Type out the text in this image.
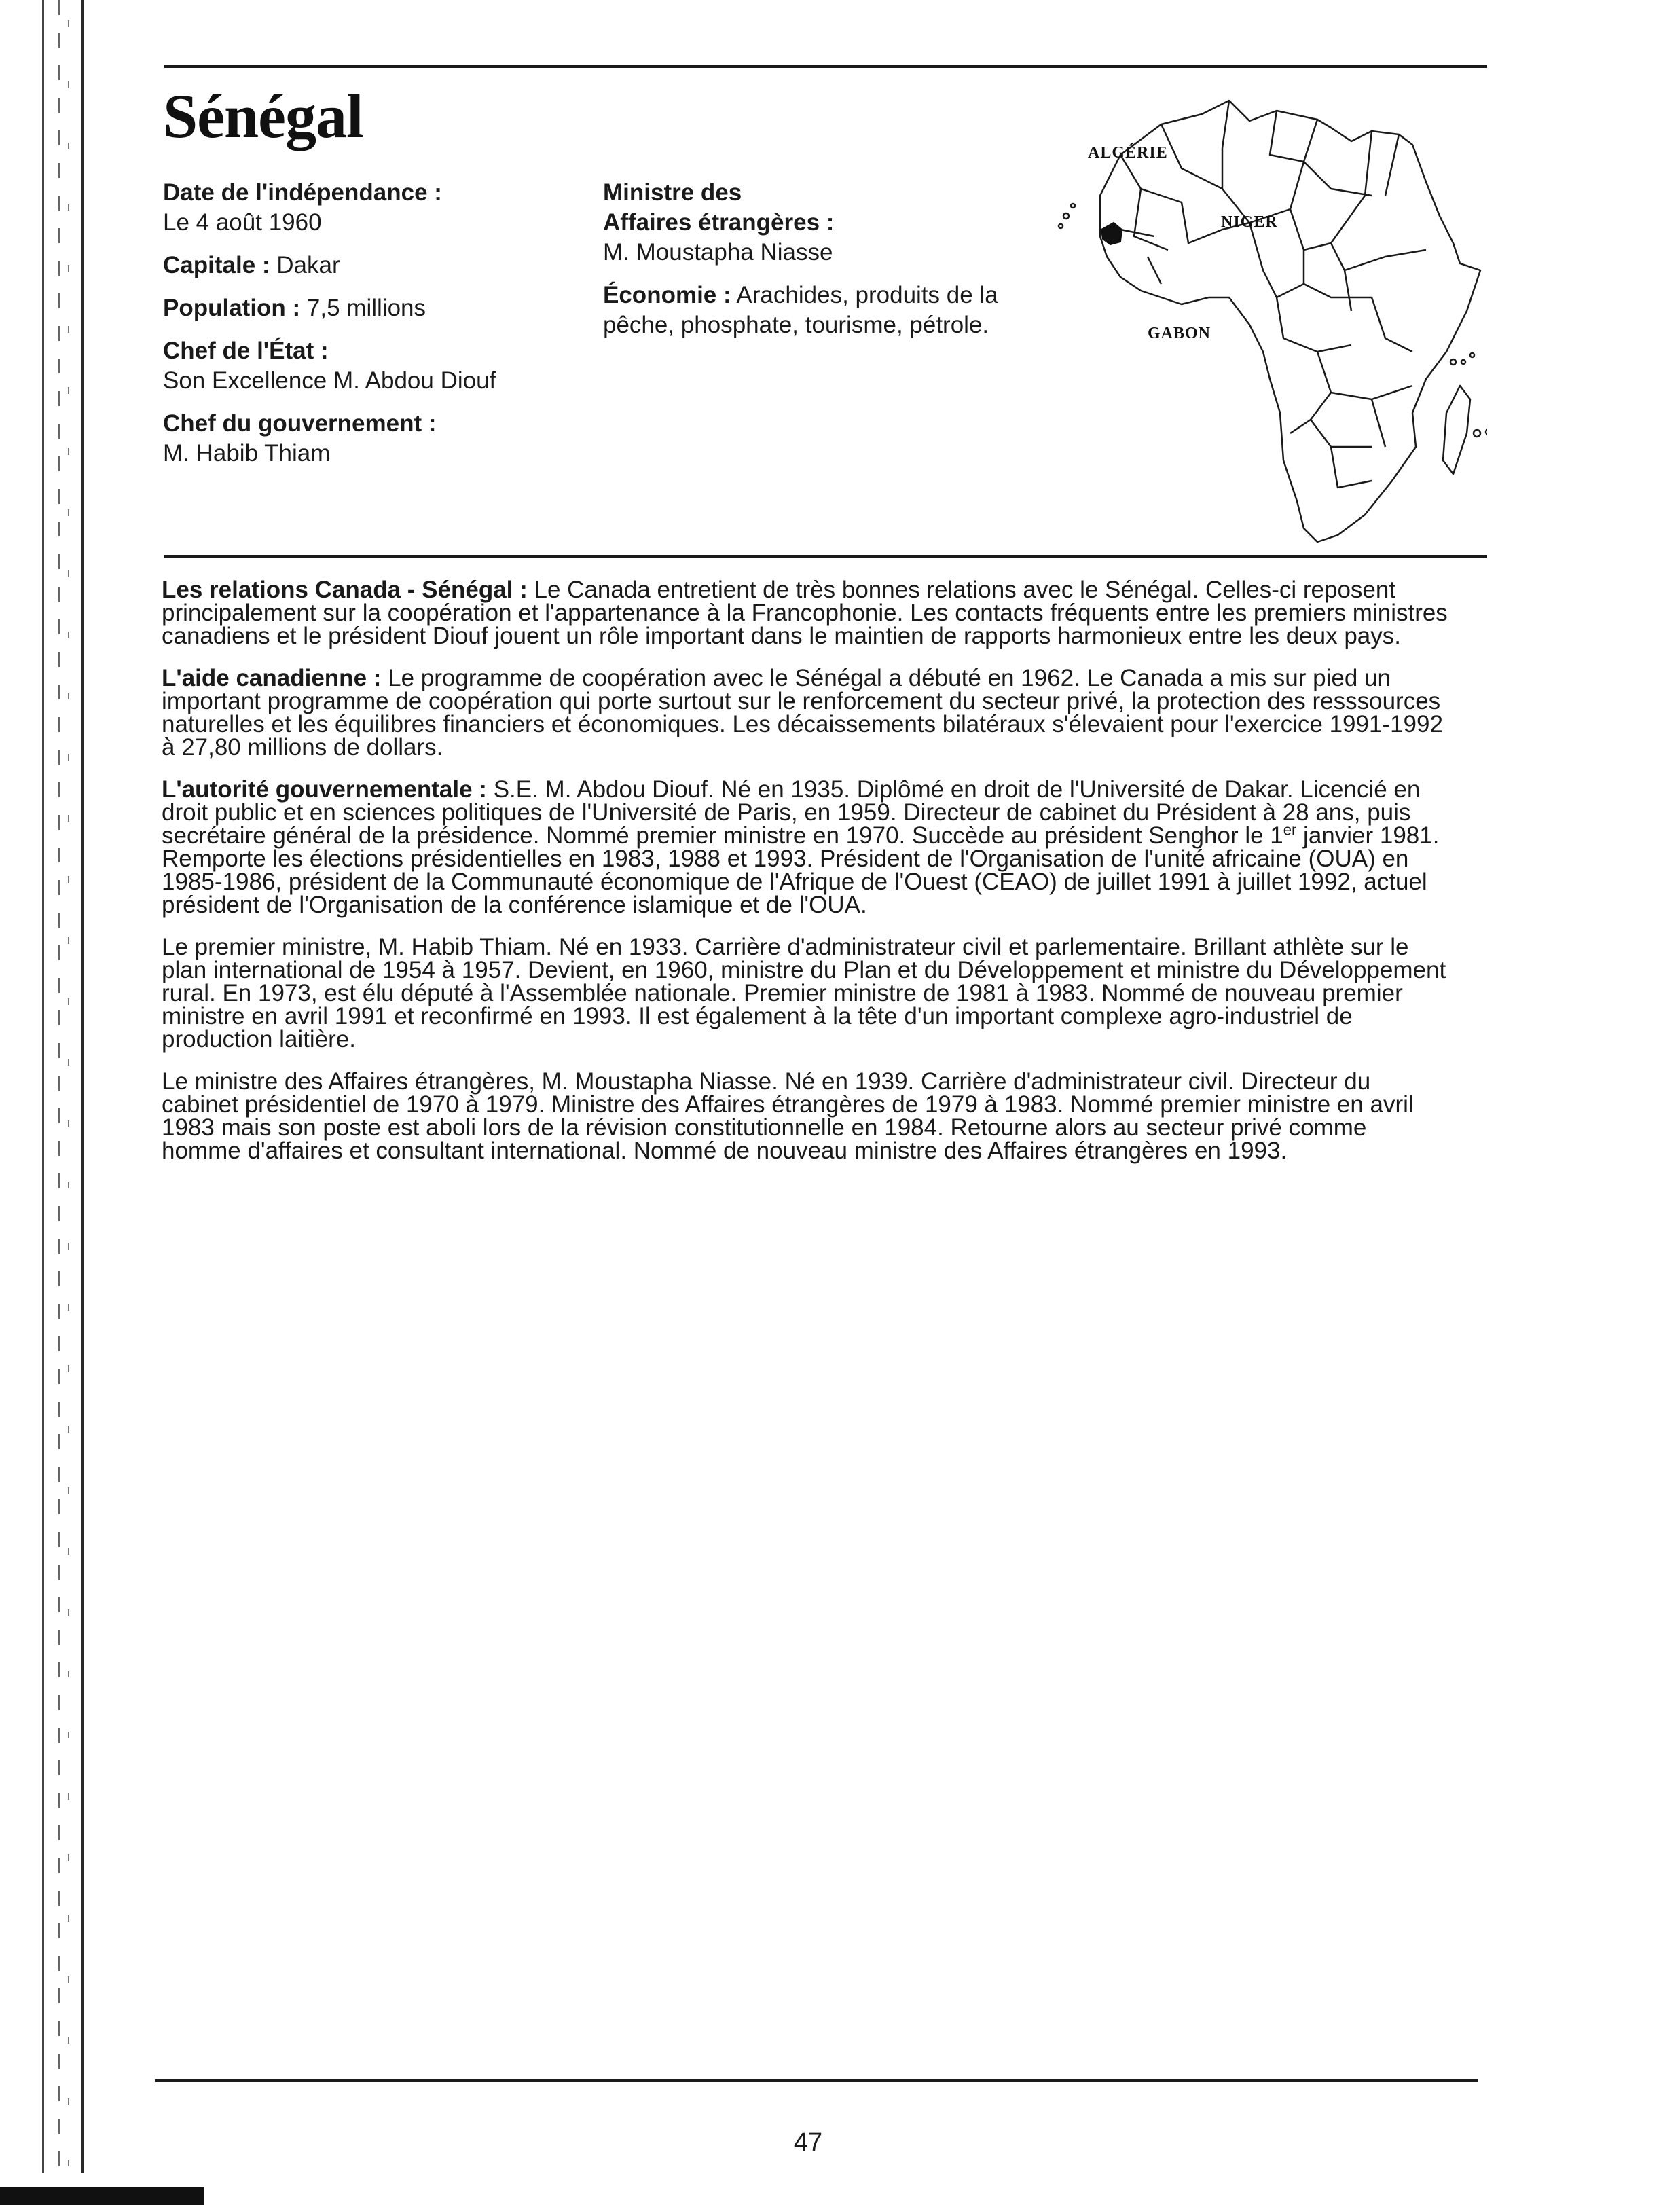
Sénégal
Date de l'indépendance :
Le 4 août 1960
Capitale : Dakar
Population : 7,5 millions
Chef de l'État :
Son Excellence M. Abdou Diouf
Chef du gouvernement :
M. Habib Thiam
Ministre des
Affaires étrangères :
M. Moustapha Niasse
Économie : Arachides, produits de la pêche, phosphate, tourisme, pétrole.
ALGÉRIE
NIGER
GABON

Les relations Canada - Sénégal : Le Canada entretient de très bonnes relations avec le Sénégal. Celles-ci reposent principalement sur la coopération et l'appartenance à la Francophonie. Les contacts fréquents entre les premiers ministres canadiens et le président Diouf jouent un rôle important dans le maintien de rapports harmonieux entre les deux pays.

L'aide canadienne : Le programme de coopération avec le Sénégal a débuté en 1962. Le Canada a mis sur pied un important programme de coopération qui porte surtout sur le renforcement du secteur privé, la protection des resssources naturelles et les équilibres financiers et économiques. Les décaissements bilatéraux s'élevaient pour l'exercice 1991-1992 à 27,80 millions de dollars.

L'autorité gouvernementale : S.E. M. Abdou Diouf. Né en 1935. Diplômé en droit de l'Université de Dakar. Licencié en droit public et en sciences politiques de l'Université de Paris, en 1959. Directeur de cabinet du Président à 28 ans, puis secrétaire général de la présidence. Nommé premier ministre en 1970. Succède au président Senghor le 1er janvier 1981. Remporte les élections présidentielles en 1983, 1988 et 1993. Président de l'Organisation de l'unité africaine (OUA) en 1985-1986, président de la Communauté économique de l'Afrique de l'Ouest (CEAO) de juillet 1991 à juillet 1992, actuel président de l'Organisation de la conférence islamique et de l'OUA.

Le premier ministre, M. Habib Thiam. Né en 1933. Carrière d'administrateur civil et parlementaire. Brillant athlète sur le plan international de 1954 à 1957. Devient, en 1960, ministre du Plan et du Développement et ministre du Développement rural. En 1973, est élu député à l'Assemblée nationale. Premier ministre de 1981 à 1983. Nommé de nouveau premier ministre en avril 1991 et reconfirmé en 1993. Il est également à la tête d'un important complexe agro-industriel de production laitière.

Le ministre des Affaires étrangères, M. Moustapha Niasse. Né en 1939. Carrière d'administrateur civil. Directeur du cabinet présidentiel de 1970 à 1979. Ministre des Affaires étrangères de 1979 à 1983. Nommé premier ministre en avril 1983 mais son poste est aboli lors de la révision constitutionnelle en 1984. Retourne alors au secteur privé comme homme d'affaires et consultant international. Nommé de nouveau ministre des Affaires étrangères en 1993.

47
